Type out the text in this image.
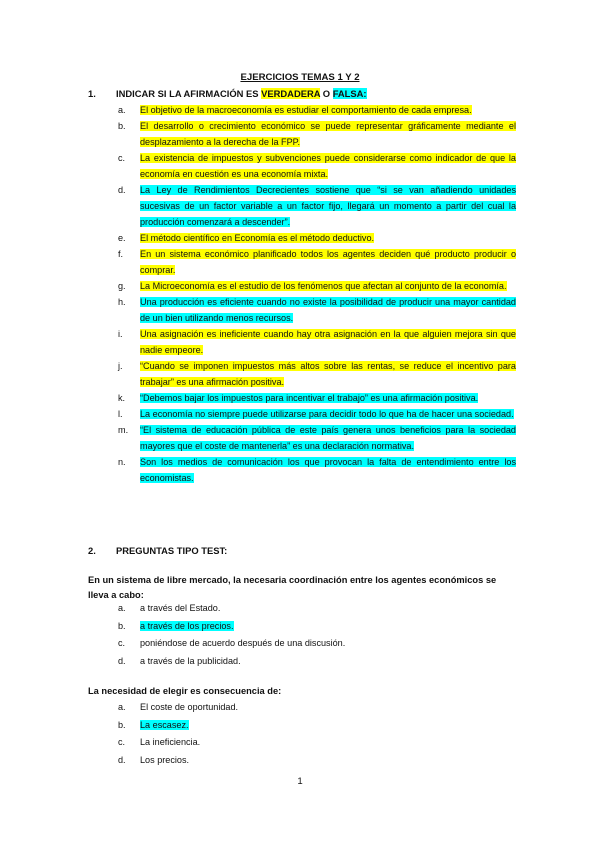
EJERCICIOS TEMAS 1 Y 2
1. INDICAR SI LA AFIRMACIÓN ES VERDADERA O FALSA:
a. El objetivo de la macroeconomía es estudiar el comportamiento de cada empresa.
b. El desarrollo o crecimiento económico se puede representar gráficamente mediante el desplazamiento a la derecha de la FPP.
c. La existencia de impuestos y subvenciones puede considerarse como indicador de que la economía en cuestión es una economía mixta.
d. La Ley de Rendimientos Decrecientes sostiene que “si se van añadiendo unidades sucesivas de un factor variable a un factor fijo, llegará un momento a partir del cual la producción comenzará a descender”.
e. El método científico en Economía es el método deductivo.
f. En un sistema económico planificado todos los agentes deciden qué producto producir o comprar.
g. La Microeconomía es el estudio de los fenómenos que afectan al conjunto de la economía.
h. Una producción es eficiente cuando no existe la posibilidad de producir una mayor cantidad de un bien utilizando menos recursos.
i. Una asignación es ineficiente cuando hay otra asignación en la que alguien mejora sin que nadie empeore.
j. “Cuando se imponen impuestos más altos sobre las rentas, se reduce el incentivo para trabajar” es una afirmación positiva.
k. “Debemos bajar los impuestos para incentivar el trabajo” es una afirmación positiva.
l. La economía no siempre puede utilizarse para decidir todo lo que ha de hacer una sociedad.
m. “El sistema de educación pública de este país genera unos beneficios para la sociedad mayores que el coste de mantenerla” es una declaración normativa.
n. Son los medios de comunicación los que provocan la falta de entendimiento entre los economistas.
2. PREGUNTAS TIPO TEST:
En un sistema de libre mercado, la necesaria coordinación entre los agentes económicos se lleva a cabo:
a. a través del Estado.
b. a través de los precios.
c. poniéndose de acuerdo después de una discusión.
d. a través de la publicidad.
La necesidad de elegir es consecuencia de:
a. El coste de oportunidad.
b. La escasez.
c. La ineficiencia.
d. Los precios.
1
